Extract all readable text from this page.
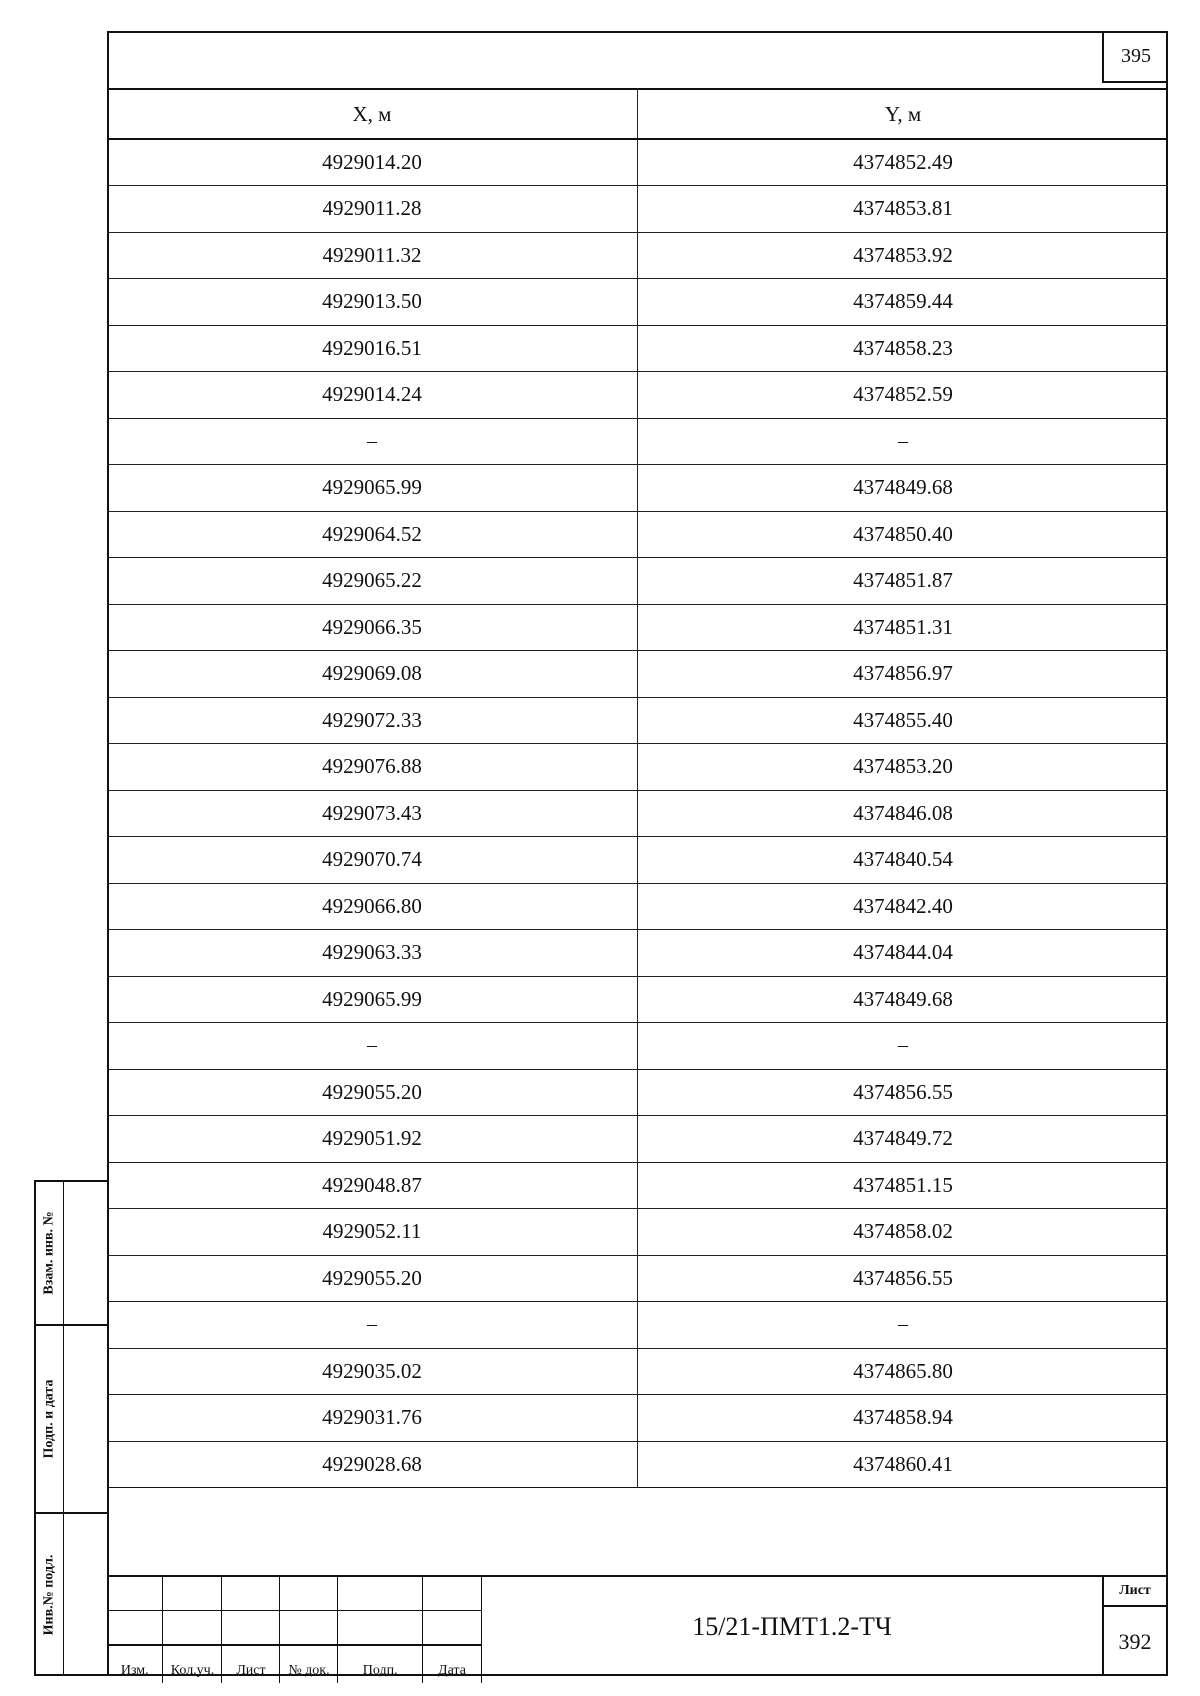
395
X, м	Y, м
4929014.20	4374852.49
4929011.28	4374853.81
4929011.32	4374853.92
4929013.50	4374859.44
4929016.51	4374858.23
4929014.24	4374852.59
–	–
4929065.99	4374849.68
4929064.52	4374850.40
4929065.22	4374851.87
4929066.35	4374851.31
4929069.08	4374856.97
4929072.33	4374855.40
4929076.88	4374853.20
4929073.43	4374846.08
4929070.74	4374840.54
4929066.80	4374842.40
4929063.33	4374844.04
4929065.99	4374849.68
–	–
4929055.20	4374856.55
4929051.92	4374849.72
4929048.87	4374851.15
4929052.11	4374858.02
4929055.20	4374856.55
–	–
4929035.02	4374865.80
4929031.76	4374858.94
4929028.68	4374860.41
Взам. инв. №
Подп. и дата
Инв.№ подл.

Изм.	Кол.уч.	Лист	№ док.	Подп.	Дата
15/21-ПМТ1.2-ТЧ
Лист
392
